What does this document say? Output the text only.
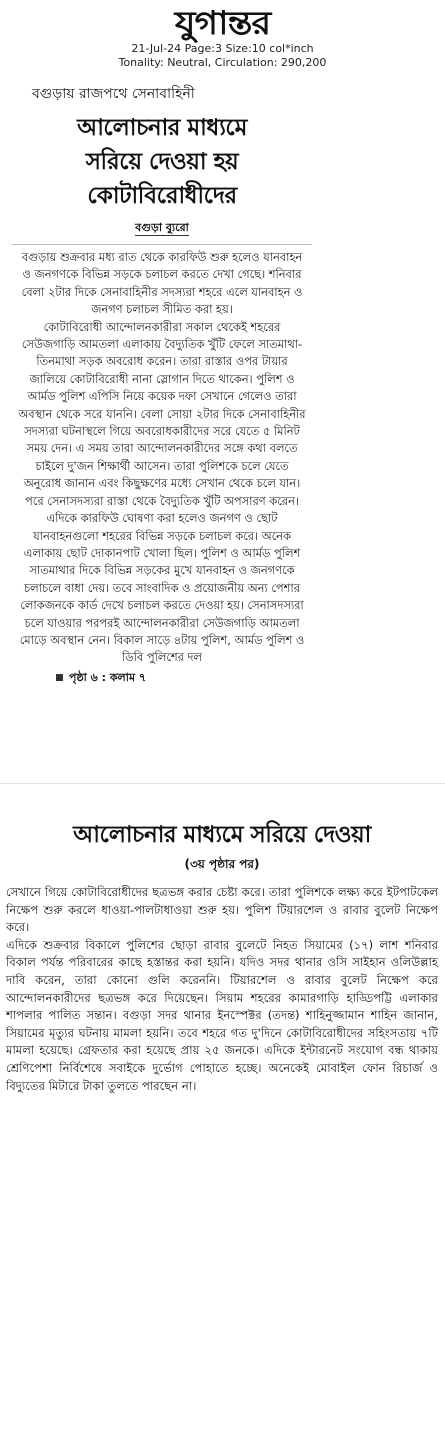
যুগান্তর
21-Jul-24 Page:3 Size:10 col*inch
Tonality: Neutral, Circulation: 290,200
বগুড়ায় রাজপথে সেনাবাহিনী
আলোচনার মাধ্যমে
সরিয়ে দেওয়া হয়
কোটাবিরোধীদের
বগুড়া ব্যুরো

বগুড়ায় শুক্রবার মধ্য রাত থেকে কারফিউ শুরু হলেও যানবাহন ও জনগণকে বিভিন্ন সড়কে চলাচল করতে দেখা গেছে। শনিবার বেলা ২টার দিকে সেনাবাহিনীর সদস্যরা শহরে এলে যানবাহন ও জনগণ চলাচল সীমিত করা হয়।

কোটাবিরোধী আন্দোলনকারীরা সকাল থেকেই শহরের সেউজগাড়ি আমতলা এলাকায় বৈদ্যুতিক খুঁটি ফেলে সাতমাথা-তিনমাথা সড়ক অবরোধ করেন। তারা রাস্তার ওপর টায়ার জালিয়ে কোটাবিরোধী নানা স্লোগান দিতে থাকেন। পুলিশ ও আর্মড পুলিশ এপিসি নিয়ে কয়েক দফা সেখানে গেলেও তারা অবস্থান থেকে সরে যাননি। বেলা সোয়া ২টার দিকে সেনাবাহিনীর সদস্যরা ঘটনাস্থলে গিয়ে অবরোধকারীদের সরে যেতে ৫ মিনিট সময় দেন। এ সময় তারা আন্দোলনকারীদের সঙ্গে কথা বলতে চাইলে দু'জন শিক্ষার্থী আসেন। তারা পুলিশকে চলে যেতে অনুরোধ জানান এবং কিছুক্ষণের মধ্যে সেখান থেকে চলে যান। পরে সেনাসদস্যরা রাস্তা থেকে বৈদ্যুতিক খুঁটি অপসারণ করেন।

এদিকে কারফিউ ঘোষণা করা হলেও জনগণ ও ছোট যানবাহনগুলো শহরের বিভিন্ন সড়কে চলাচল করে। অনেক এলাকায় ছোট দোকানপাট খোলা ছিল। পুলিশ ও আর্মড পুলিশ সাতমাথার দিকে বিভিন্ন সড়কের মুখে যানবাহন ও জনগণকে চলাচলে বাধা দেয়। তবে সাংবাদিক ও প্রয়োজনীয় অন্য পেশার লোকজনকে কার্ড দেখে চলাচল করতে দেওয়া হয়। সেনাসদস্যরা চলে যাওয়ার পরপরই আন্দোলনকারীরা সেউজগাড়ি আমতলা মোড়ে অবস্থান নেন। বিকাল সাড়ে ৪টায় পুলিশ, আর্মড পুলিশ ও ডিবি পুলিশের দল

পৃষ্ঠা ৬ : কলাম ৭
আলোচনার মাধ্যমে সরিয়ে দেওয়া
(৩য় পৃষ্ঠার পর)

সেখানে গিয়ে কোটাবিরোধীদের ছত্রভঙ্গ করার চেষ্টা করে। তারা পুলিশকে লক্ষ্য করে ইটপাটকেল নিক্ষেপ শুরু করলে ধাওয়া-পালটাধাওয়া শুরু হয়। পুলিশ টিয়ারশেল ও রাবার বুলেট নিক্ষেপ করে।

এদিকে শুক্রবার বিকালে পুলিশের ছোড়া রাবার বুলেটে নিহত সিয়ামের (১৭) লাশ শনিবার বিকাল পর্যন্ত পরিবারের কাছে হস্তান্তর করা হয়নি। যদিও সদর থানার ওসি সাইহান ওলিউল্লাহ দাবি করেন, তারা কোনো গুলি করেননি। টিয়ারশেল ও রাবার বুলেট নিক্ষেপ করে আন্দোলনকারীদের ছত্রভঙ্গ করে দিয়েছেন। সিয়াম শহরের কামারগাড়ি হাড্ডিপট্টি এলাকার শাপলার পালিত সন্তান। বগুড়া সদর থানার ইনস্পেক্টর (তদন্ত) শাহিনুজ্জামান শাহিন জানান, সিয়ামের মৃত্যুর ঘটনায় মামলা হয়নি। তবে শহরে গত দু'দিনে কোটাবিরোধীদের সহিংসতায় ৭টি মামলা হয়েছে। গ্রেফতার করা হয়েছে প্রায় ২৫ জনকে। এদিকে ইন্টারনেট সংযোগ বন্ধ থাকায় শ্রেণিপেশা নির্বিশেষে সবাইকে দুর্ভোগ পোহাতে হচ্ছে। অনেকেই মোবাইল ফোন রিচার্জ ও বিদ্যুতের মিটারে টাকা তুলতে পারছেন না।
